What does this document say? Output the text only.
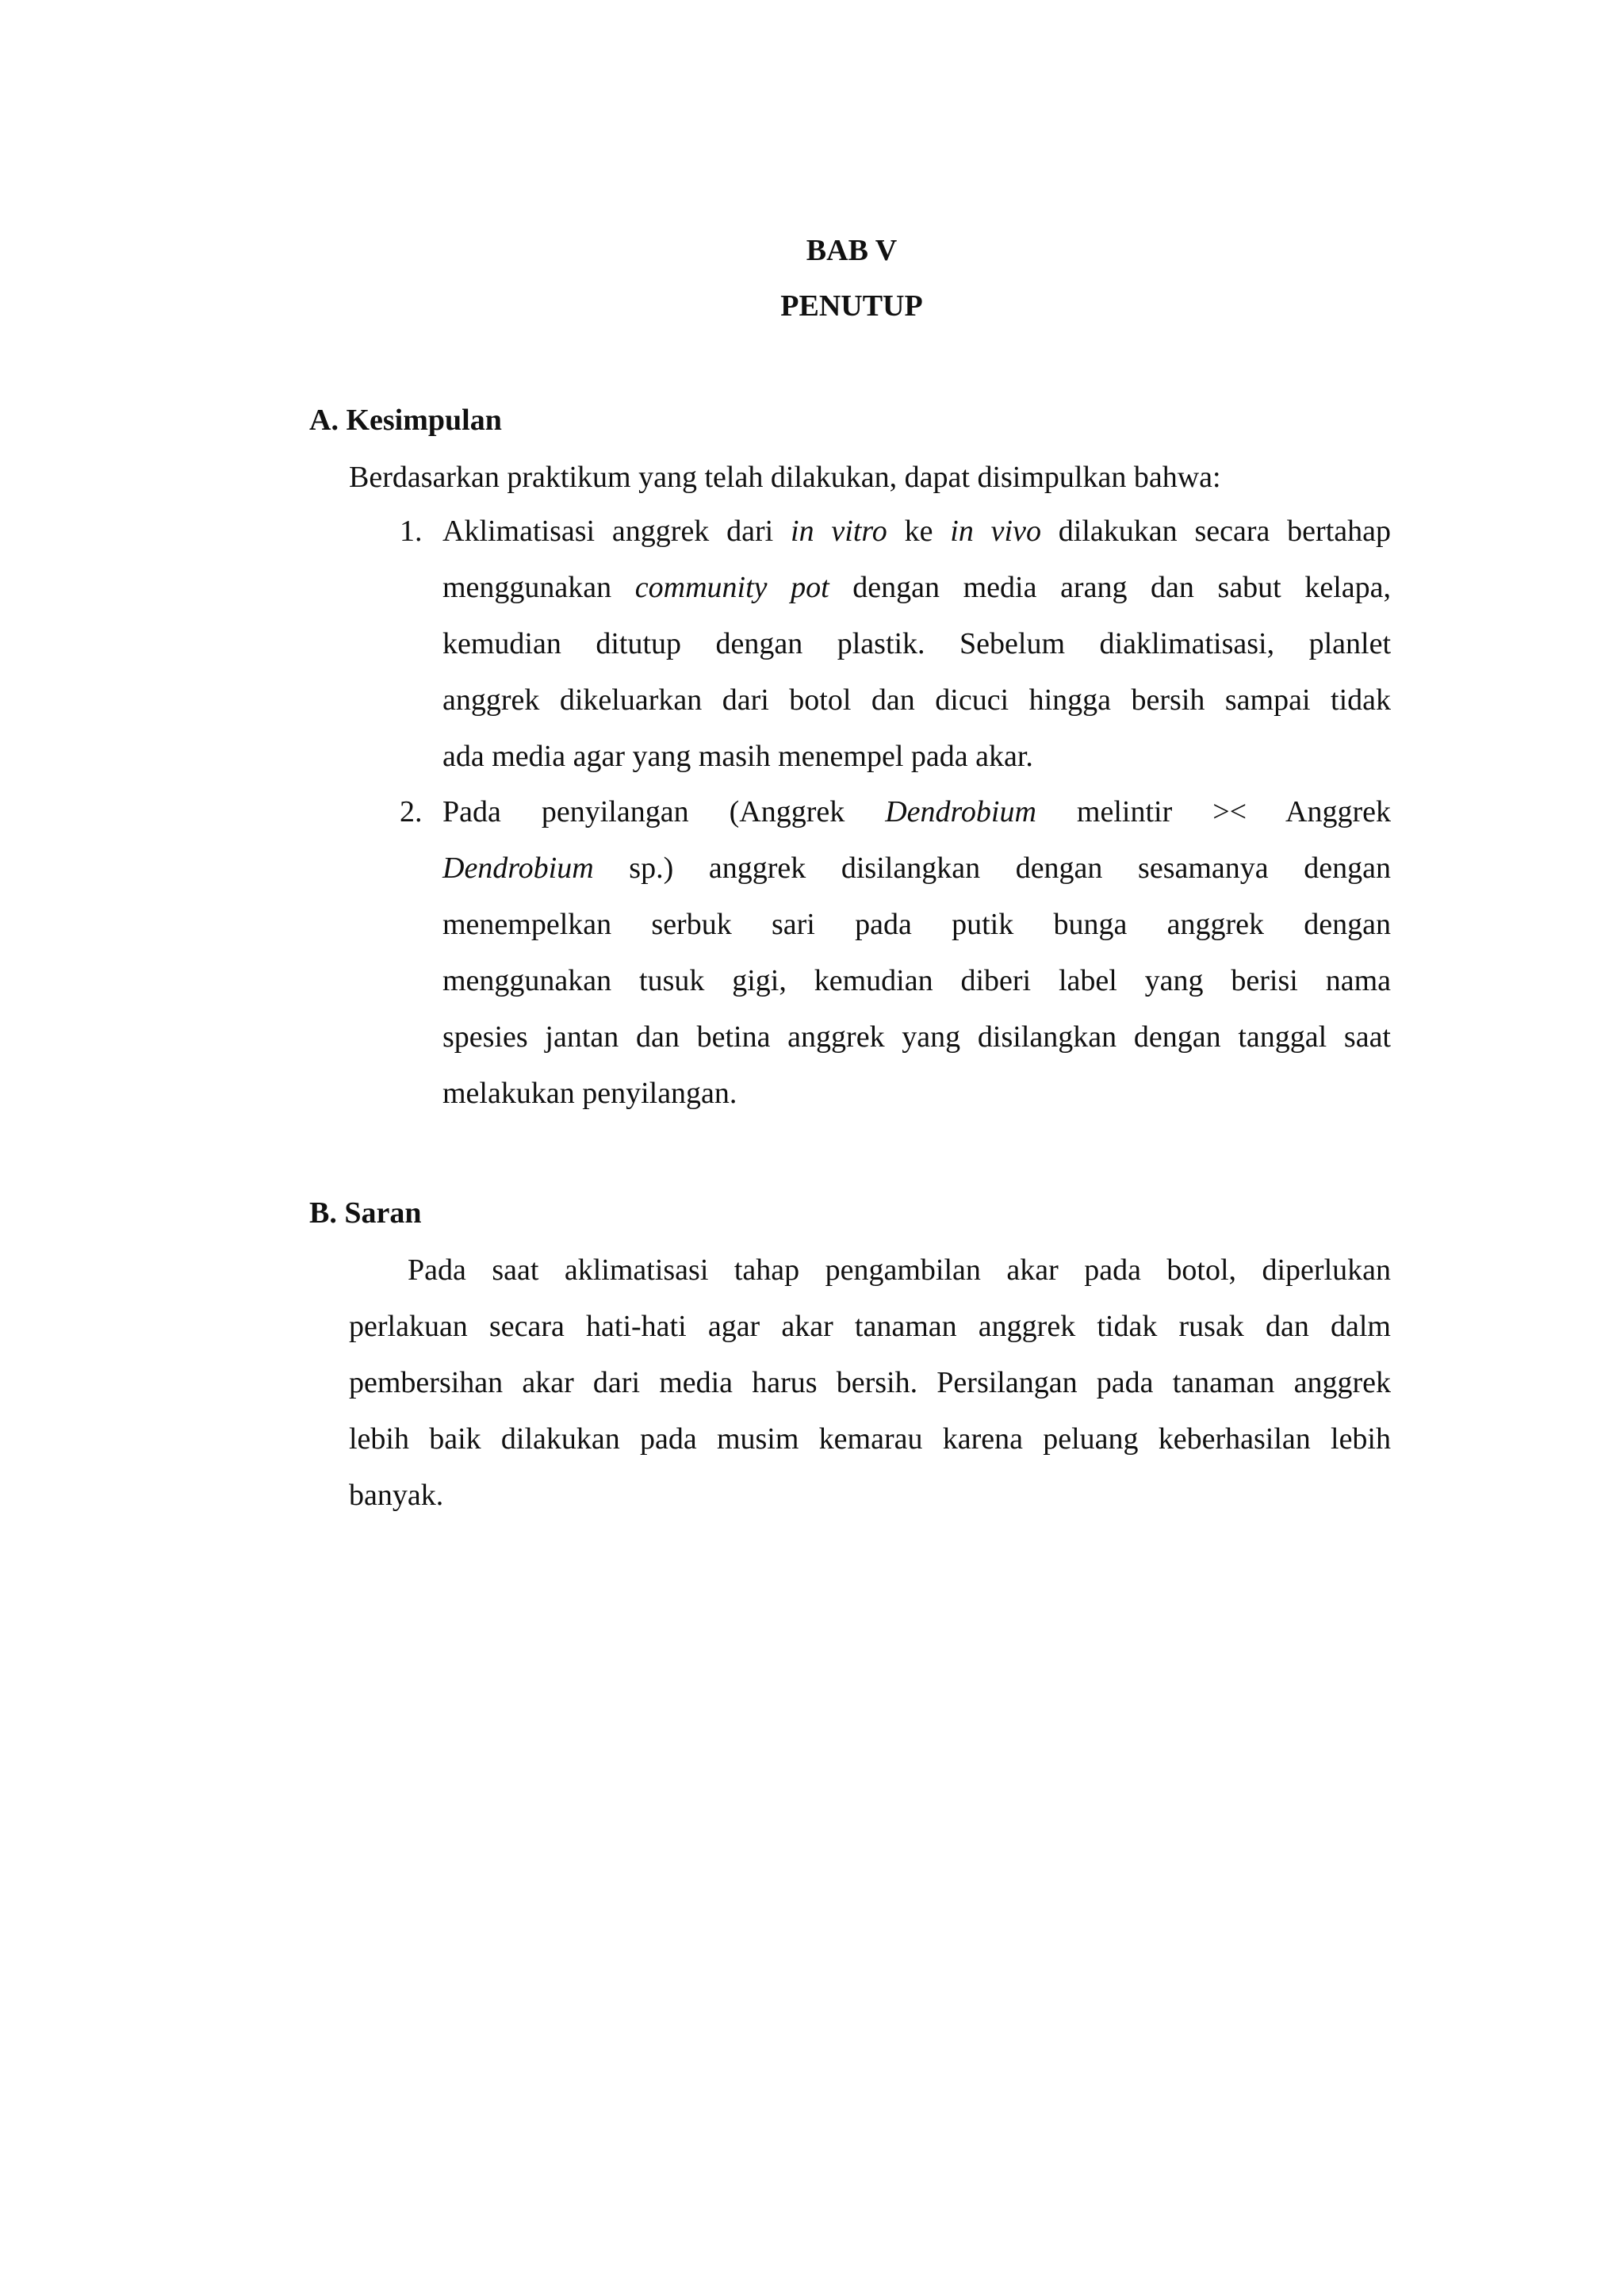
BAB V
PENUTUP
A. Kesimpulan

Berdasarkan praktikum yang telah dilakukan, dapat disimpulkan bahwa:

1. Aklimatisasi anggrek dari in vitro ke in vivo dilakukan secara bertahap
menggunakan community pot dengan media arang dan sabut kelapa,
kemudian ditutup dengan plastik. Sebelum diaklimatisasi, planlet
anggrek dikeluarkan dari botol dan dicuci hingga bersih sampai tidak
ada media agar yang masih menempel pada akar.
2. Pada penyilangan (Anggrek Dendrobium melintir >< Anggrek
Dendrobium sp.) anggrek disilangkan dengan sesamanya dengan
menempelkan serbuk sari pada putik bunga anggrek dengan
menggunakan tusuk gigi, kemudian diberi label yang berisi nama
spesies jantan dan betina anggrek yang disilangkan dengan tanggal saat
melakukan penyilangan.
B. Saran
Pada saat aklimatisasi tahap pengambilan akar pada botol, diperlukan
perlakuan secara hati-hati agar akar tanaman anggrek tidak rusak dan dalm
pembersihan akar dari media harus bersih. Persilangan pada tanaman anggrek
lebih baik dilakukan pada musim kemarau karena peluang keberhasilan lebih
banyak.
